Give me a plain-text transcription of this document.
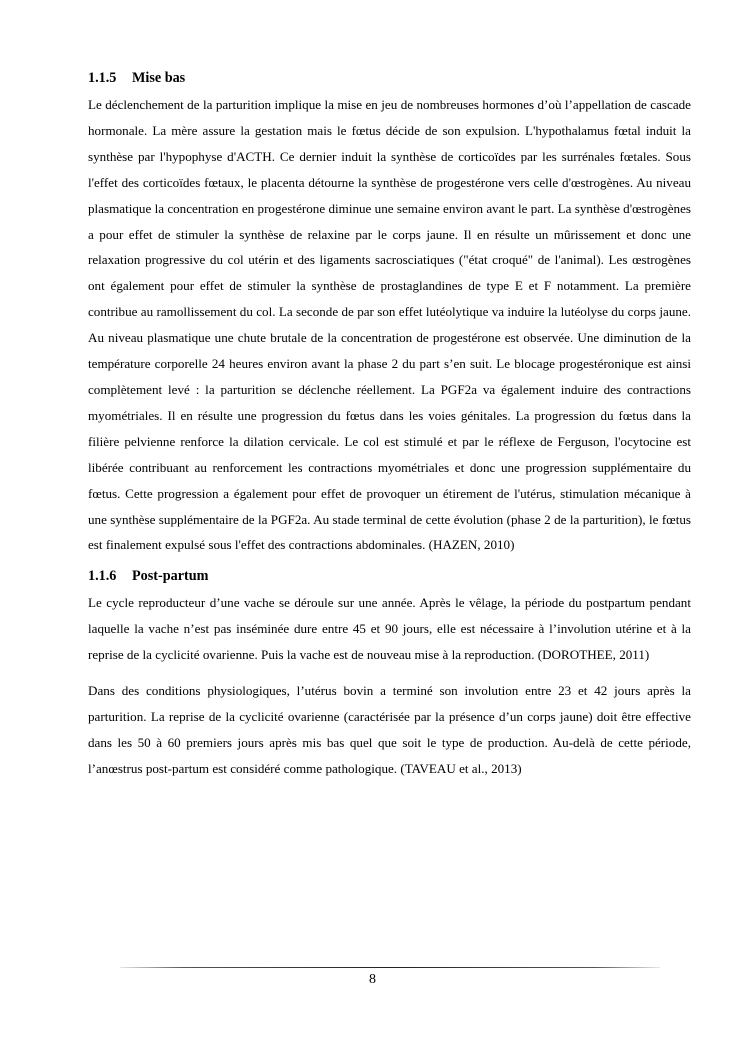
1.1.5 Mise bas

Le déclenchement de la parturition implique la mise en jeu de nombreuses hormones d’où l’appellation de cascade hormonale. La mère assure la gestation mais le fœtus décide de son expulsion. L'hypothalamus fœtal induit la synthèse par l'hypophyse d'ACTH. Ce dernier induit la synthèse de corticoïdes par les surrénales fœtales. Sous l'effet des corticoïdes fœtaux, le placenta détourne la synthèse de progestérone vers celle d'œstrogènes. Au niveau plasmatique la concentration en progestérone diminue une semaine environ avant le part. La synthèse d'œstrogènes a pour effet de stimuler la synthèse de relaxine par le corps jaune. Il en résulte un mûrissement et donc une relaxation progressive du col utérin et des ligaments sacrosciatiques ("état croqué" de l'animal). Les œstrogènes ont également pour effet de stimuler la synthèse de prostaglandines de type E et F notamment. La première contribue au ramollissement du col. La seconde de par son effet lutéolytique va induire la lutéolyse du corps jaune. Au niveau plasmatique une chute brutale de la concentration de progestérone est observée. Une diminution de la température corporelle 24 heures environ avant la phase 2 du part s’en suit. Le blocage progestéronique est ainsi complètement levé : la parturition se déclenche réellement. La PGF2a va également induire des contractions myométriales. Il en résulte une progression du fœtus dans les voies génitales. La progression du fœtus dans la filière pelvienne renforce la dilation cervicale. Le col est stimulé et par le réflexe de Ferguson, l'ocytocine est libérée contribuant au renforcement les contractions myométriales et donc une progression supplémentaire du fœtus. Cette progression a également pour effet de provoquer un étirement de l'utérus, stimulation mécanique à une synthèse supplémentaire de la PGF2a. Au stade terminal de cette évolution (phase 2 de la parturition), le fœtus est finalement expulsé sous l'effet des contractions abdominales. (HAZEN, 2010)

1.1.6 Post-partum

Le cycle reproducteur d’une vache se déroule sur une année. Après le vêlage, la période du postpartum pendant laquelle la vache n’est pas inséminée dure entre 45 et 90 jours, elle est nécessaire à l’involution utérine et à la reprise de la cyclicité ovarienne. Puis la vache est de nouveau mise à la reproduction. (DOROTHEE, 2011)

Dans des conditions physiologiques, l’utérus bovin a terminé son involution entre 23 et 42 jours après la parturition. La reprise de la cyclicité ovarienne (caractérisée par la présence d’un corps jaune) doit être effective dans les 50 à 60 premiers jours après mis bas quel que soit le type de production. Au-delà de cette période, l’anœstrus post-partum est considéré comme pathologique. (TAVEAU et al., 2013)

8
